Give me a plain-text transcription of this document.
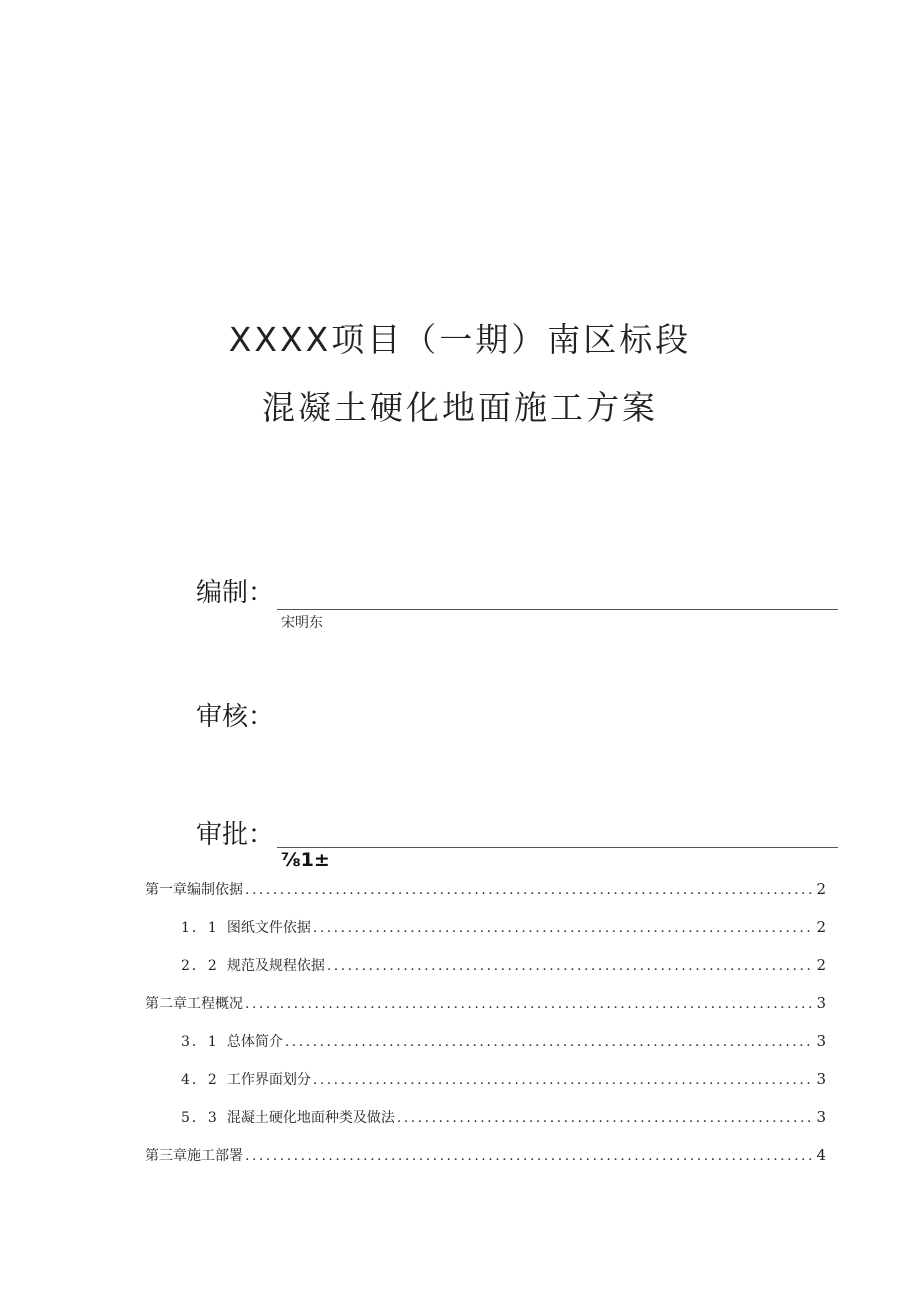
XXXX项目（一期）南区标段
混凝土硬化地面施工方案
编制：
宋明东
审核：
审批：
⅞1±
第一章编制依据 .....	2
1．1 图纸文件依据 .....	2
2．2 规范及规程依据 .....	2
第二章工程概况 .....	3
3．1 总体简介 .....	3
4．2 工作界面划分 .....	3
5．3 混凝土硬化地面种类及做法 .....	3
第三章施工部署 .....	4
